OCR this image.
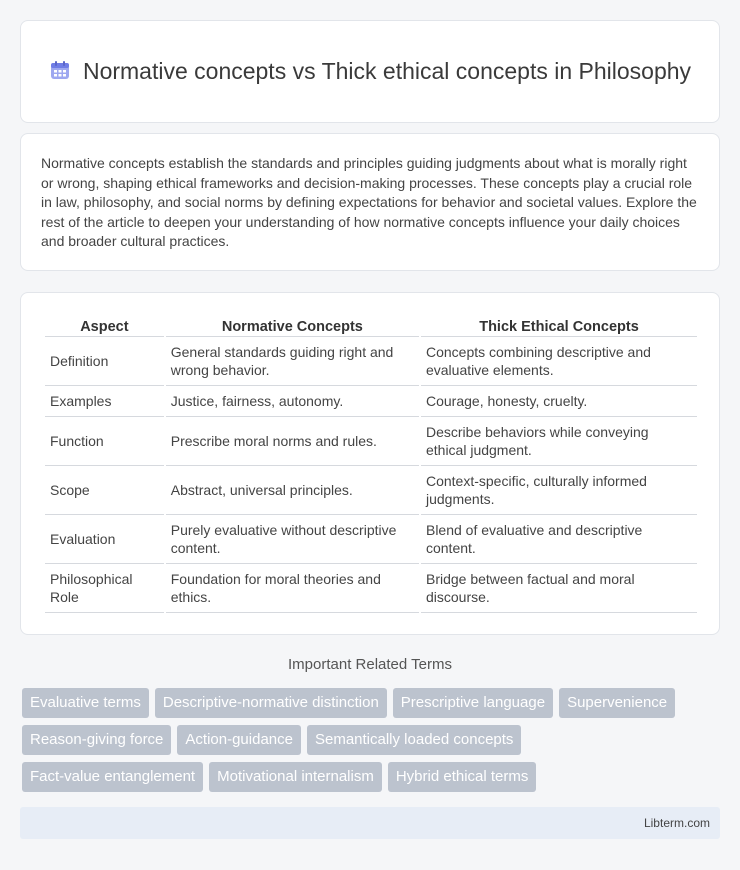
Normative concepts vs Thick ethical concepts in Philosophy

Normative concepts establish the standards and principles guiding judgments about what is morally right or wrong, shaping ethical frameworks and decision-making processes. These concepts play a crucial role in law, philosophy, and social norms by defining expectations for behavior and societal values. Explore the rest of the article to deepen your understanding of how normative concepts influence your daily choices and broader cultural practices.

Aspect	Normative Concepts	Thick Ethical Concepts
Definition	General standards guiding right and wrong behavior.	Concepts combining descriptive and evaluative elements.
Examples	Justice, fairness, autonomy.	Courage, honesty, cruelty.
Function	Prescribe moral norms and rules.	Describe behaviors while conveying ethical judgment.
Scope	Abstract, universal principles.	Context-specific, culturally informed judgments.
Evaluation	Purely evaluative without descriptive content.	Blend of evaluative and descriptive content.
Philosophical Role	Foundation for moral theories and ethics.	Bridge between factual and moral discourse.
Important Related Terms
Evaluative terms	Descriptive-normative distinction	Prescriptive language	Supervenience
Reason-giving force	Action-guidance	Semantically loaded concepts
Fact-value entanglement	Motivational internalism	Hybrid ethical terms
Libterm.com
